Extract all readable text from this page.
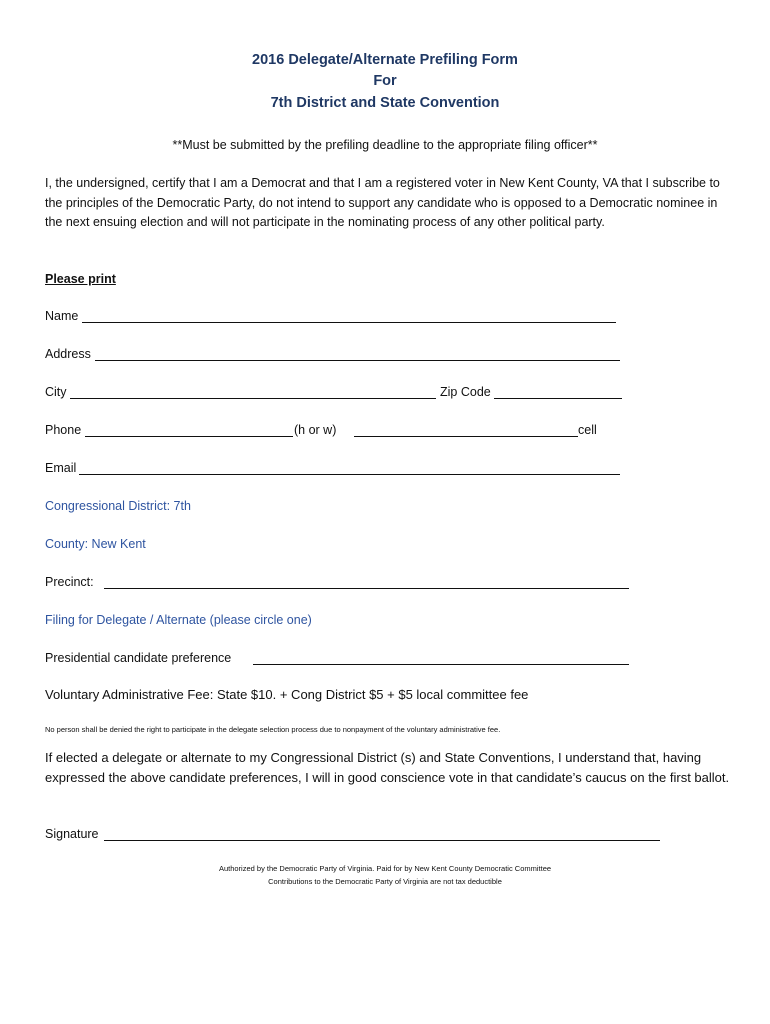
2016 Delegate/Alternate Prefiling Form
For
7th District and State Convention
**Must be submitted by the prefiling deadline to the appropriate filing officer**
I, the undersigned, certify that I am a Democrat and that I am a registered voter in New Kent County, VA that I subscribe to the principles of the Democratic Party, do not intend to support any candidate who is opposed to a Democratic nominee in the next ensuing election and will not participate in the nominating process of any other political party.
Please print
Name
Address
City	Zip Code
Phone	(h or w)	cell
Email
Congressional District: 7th
County: New Kent
Precinct:
Filing for Delegate / Alternate (please circle one)
Presidential candidate preference
Voluntary Administrative Fee: State $10. + Cong District $5 + $5 local committee fee
No person shall be denied the right to participate in the delegate selection process due to nonpayment of the voluntary administrative fee.
If elected a delegate or alternate to my Congressional District (s) and State Conventions, I understand that, having expressed the above candidate preferences, I will in good conscience vote in that candidate’s caucus on the first ballot.
Signature
Authorized by the Democratic Party of Virginia. Paid for by New Kent County Democratic Committee
Contributions to the Democratic Party of Virginia are not tax deductible
